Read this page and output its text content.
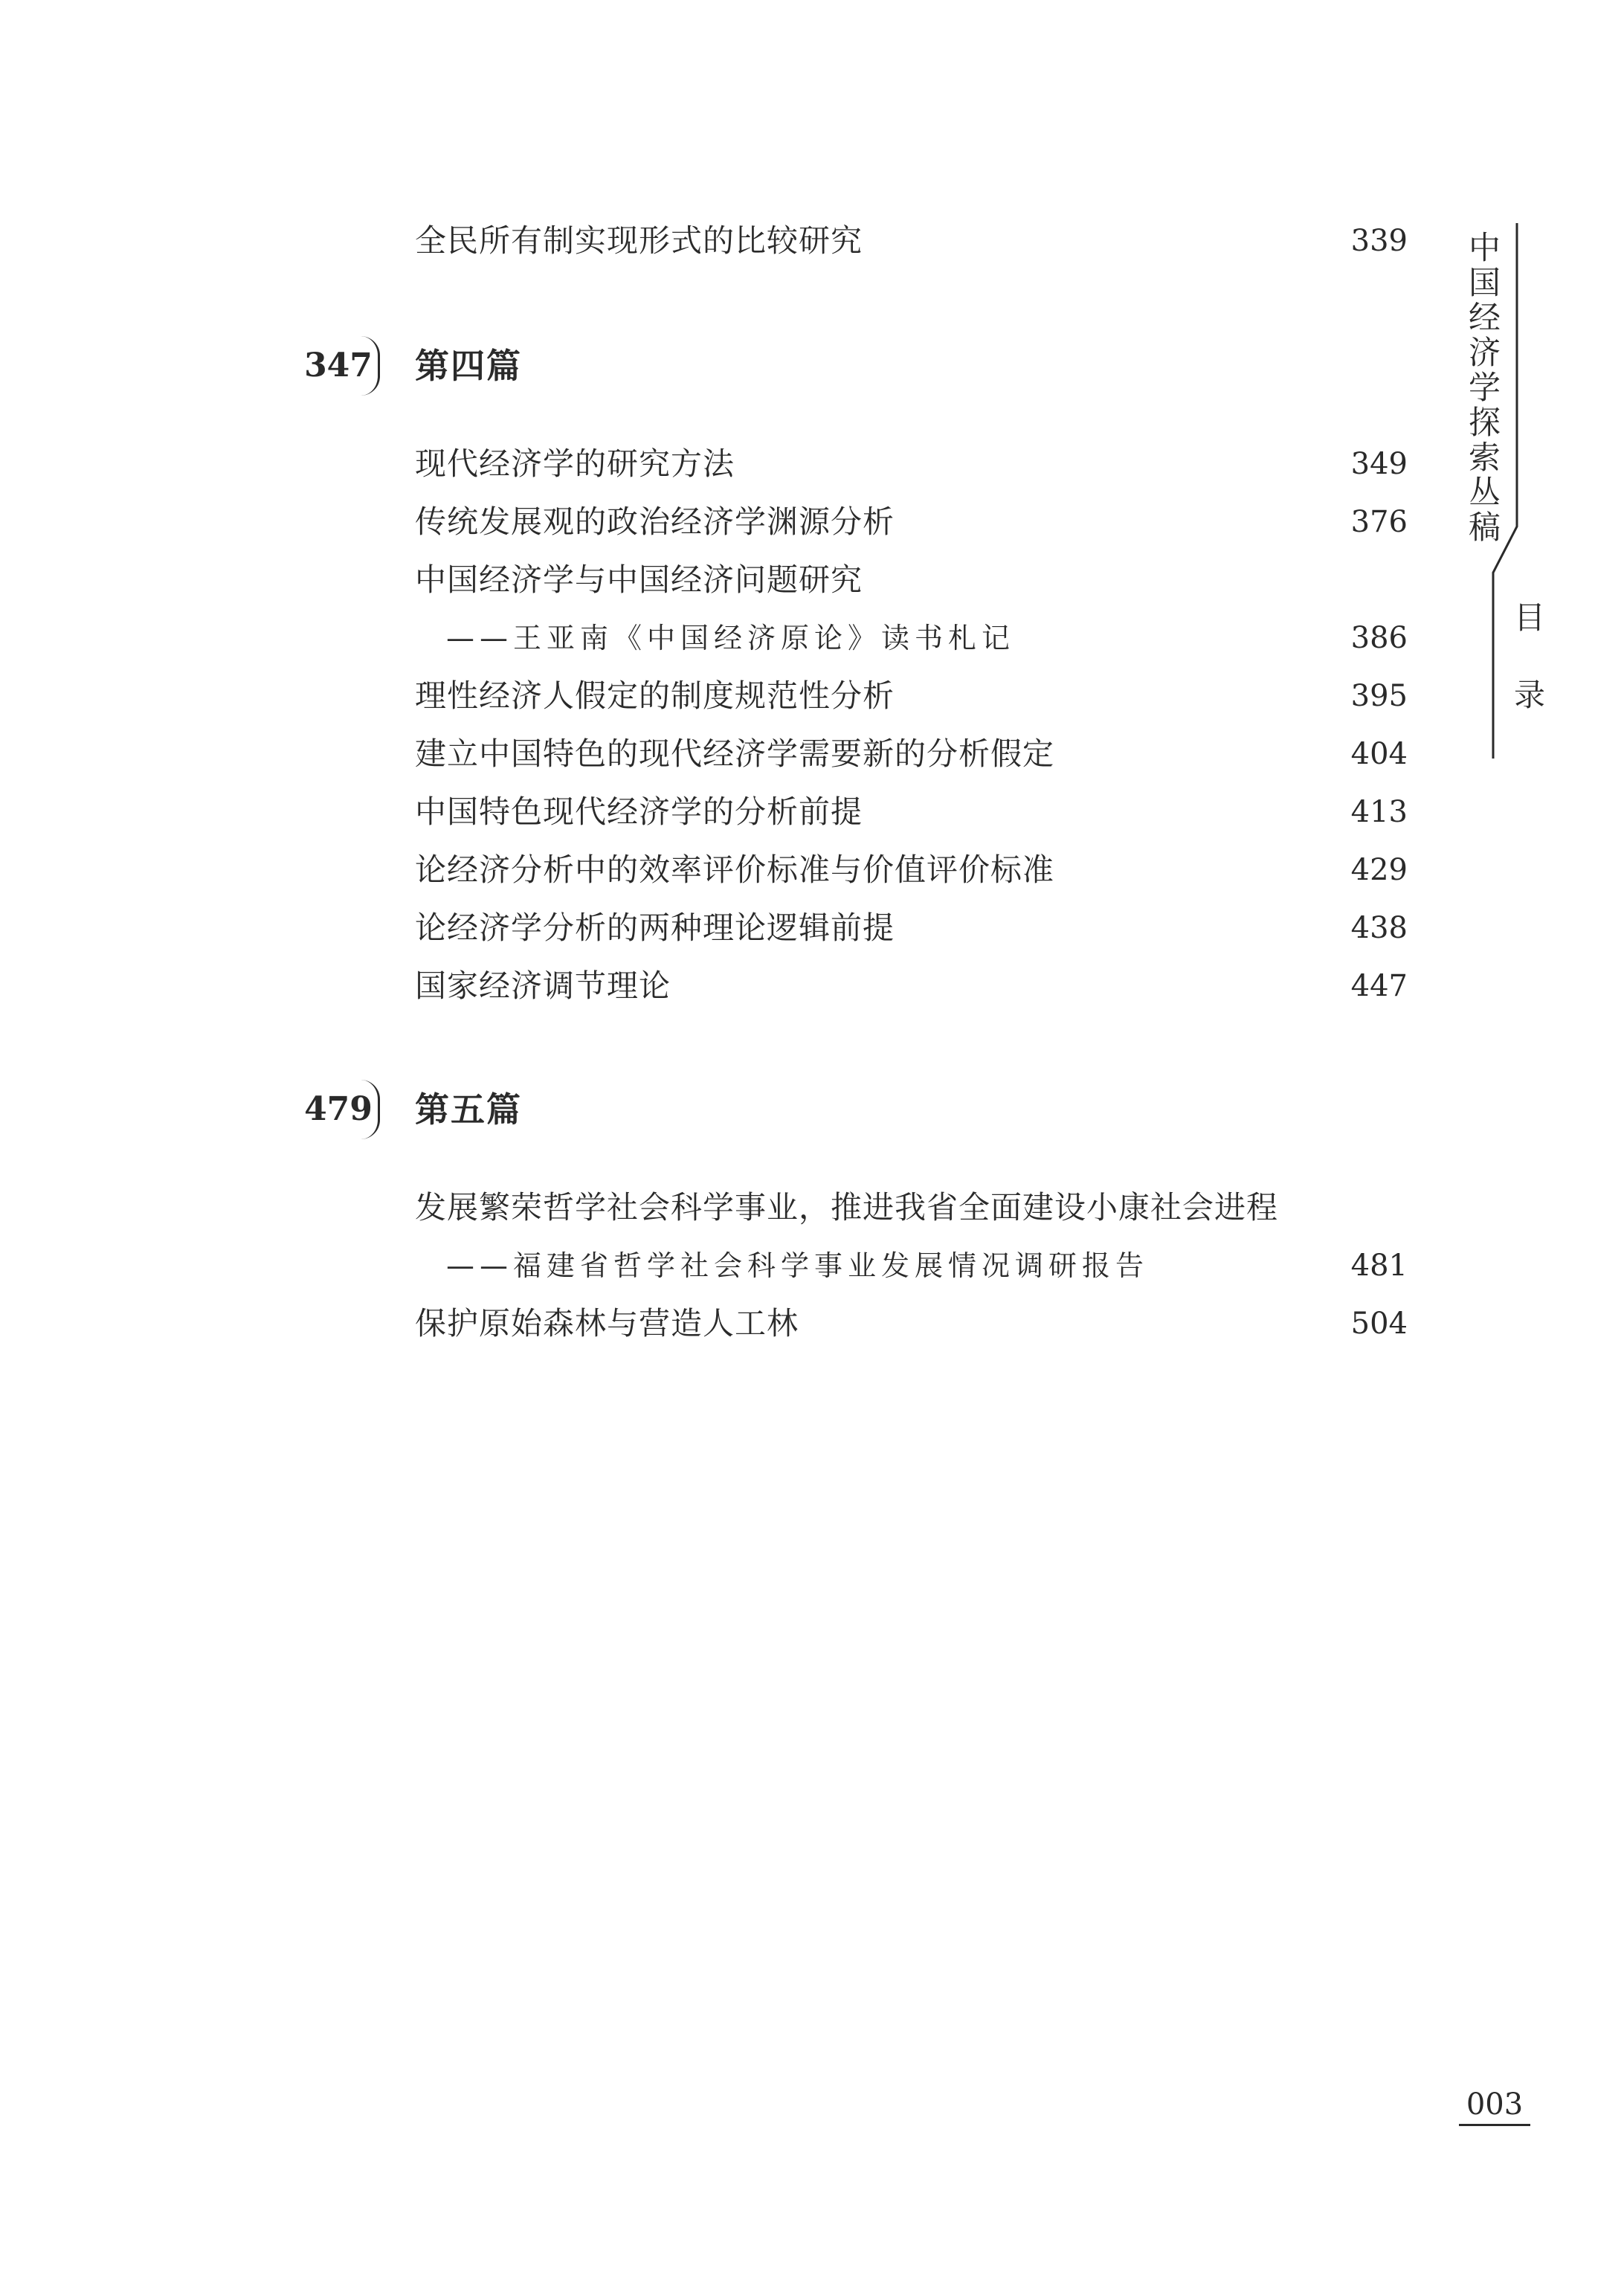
全民所有制实现形式的比较研究	339
347 第四篇
现代经济学的研究方法	349
传统发展观的政治经济学渊源分析	376
中国经济学与中国经济问题研究
——王亚南《中国经济原论》读书札记	386
理性经济人假定的制度规范性分析	395
建立中国特色的现代经济学需要新的分析假定	404
中国特色现代经济学的分析前提	413
论经济分析中的效率评价标准与价值评价标准	429
论经济学分析的两种理论逻辑前提	438
国家经济调节理论	447
479 第五篇
发展繁荣哲学社会科学事业，推进我省全面建设小康社会进程
——福建省哲学社会科学事业发展情况调研报告	481
保护原始森林与营造人工林	504
中国经济学探索丛稿
目录
003
